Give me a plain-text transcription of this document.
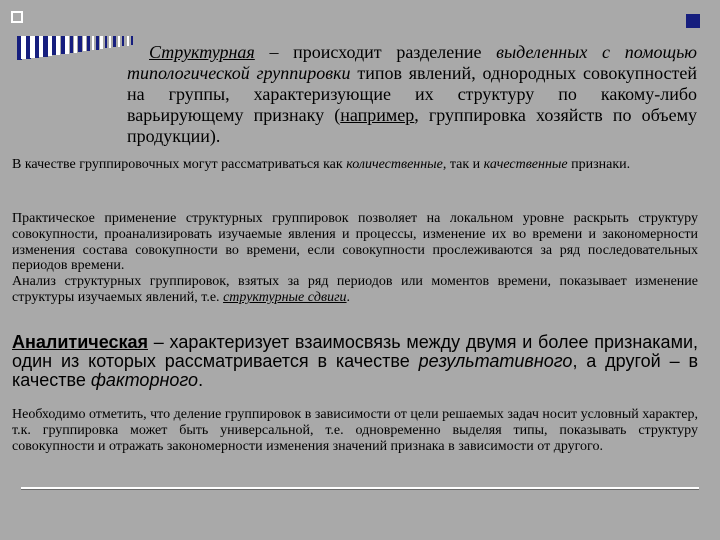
Структурная – происходит разделение выделенных с помощью типологической группировки типов явлений, однородных совокупностей на группы, характеризующие их структуру по какому-либо варьирующему признаку (например, группировка хозяйств по объему продукции).
В качестве группировочных могут рассматриваться как количественные, так и качественные признаки.
Практическое применение структурных группировок позволяет на локальном уровне раскрыть структуру совокупности, проанализировать изучаемые явления и процессы, изменение их во времени и закономерности изменения состава совокупности во времени, если совокупности прослеживаются за ряд последовательных периодов времени.
Анализ структурных группировок, взятых за ряд периодов или моментов времени, показывает изменение структуры изучаемых явлений, т.е. структурные сдвиги.
Аналитическая – характеризует взаимосвязь между двумя и более признаками, один из которых рассматривается в качестве результативного, а другой – в качестве факторного.
Необходимо отметить, что деление группировок в зависимости от цели решаемых задач носит условный характер, т.к. группировка может быть универсальной, т.е. одновременно выделяя типы, показывать структуру совокупности и отражать закономерности изменения значений признака в зависимости от другого.
